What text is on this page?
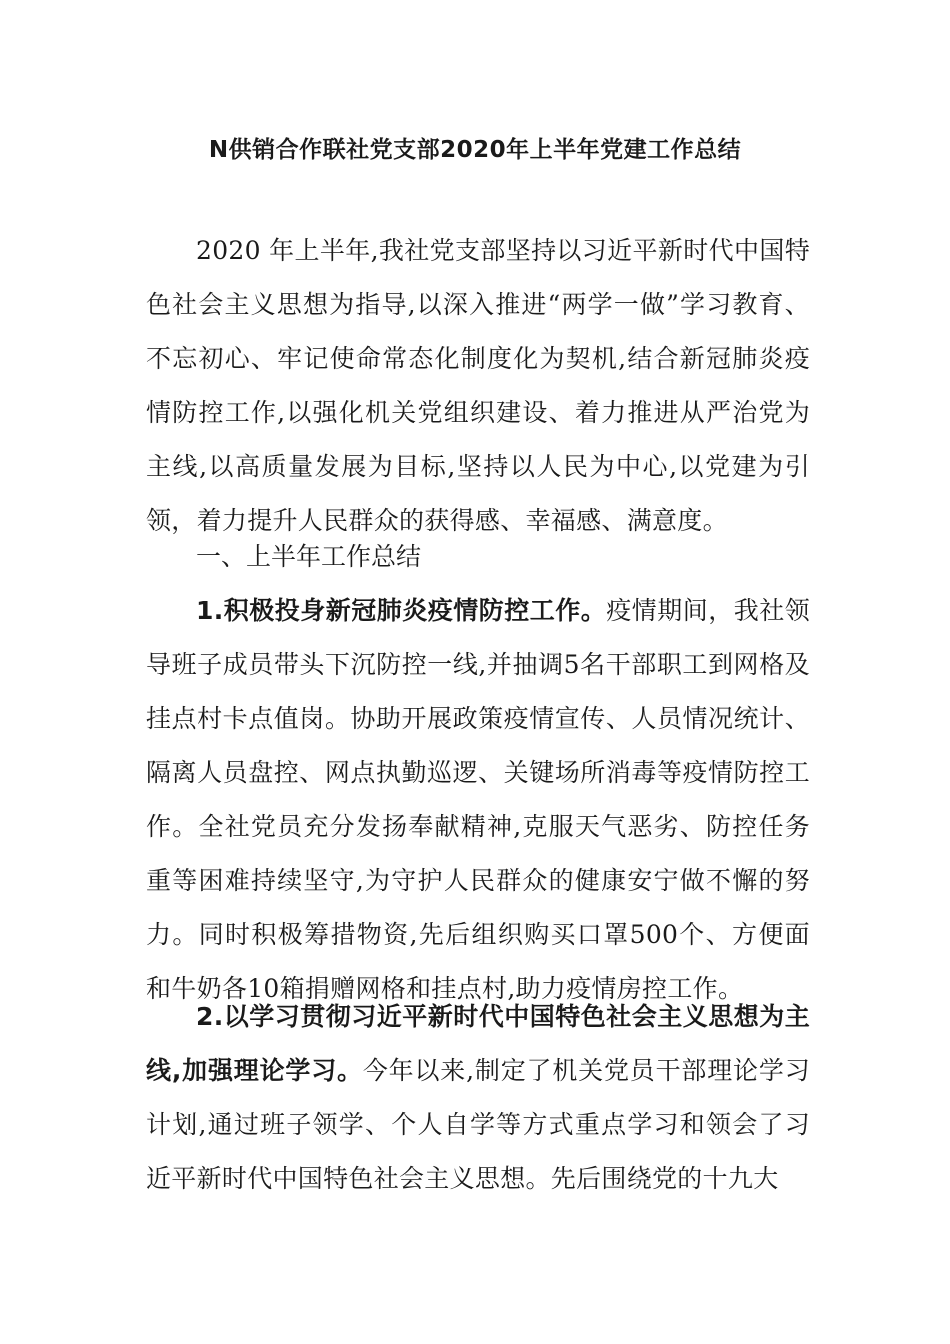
N供销合作联社党支部2020年上半年党建工作总结

2020 年上半年,我社党支部坚持以习近平新时代中国特色社会主义思想为指导,以深入推进“两学一做”学习教育、不忘初心、牢记使命常态化制度化为契机,结合新冠肺炎疫情防控工作,以强化机关党组织建设、着力推进从严治党为主线,以高质量发展为目标,坚持以人民为中心,以党建为引领，着力提升人民群众的获得感、幸福感、满意度。

一、上半年工作总结

1.积极投身新冠肺炎疫情防控工作。疫情期间，我社领导班子成员带头下沉防控一线,并抽调5名干部职工到网格及挂点村卡点值岗。协助开展政策疫情宣传、人员情况统计、隔离人员盘控、网点执勤巡逻、关键场所消毒等疫情防控工作。全社党员充分发扬奉献精神,克服天气恶劣、防控任务重等困难持续坚守,为守护人民群众的健康安宁做不懈的努力。同时积极筹措物资,先后组织购买口罩500个、方便面和牛奶各10箱捐赠网格和挂点村,助力疫情房控工作。

2.以学习贯彻习近平新时代中国特色社会主义思想为主线,加强理论学习。今年以来,制定了机关党员干部理论学习计划,通过班子领学、个人自学等方式重点学习和领会了习近平新时代中国特色社会主义思想。先后围绕党的十九大
